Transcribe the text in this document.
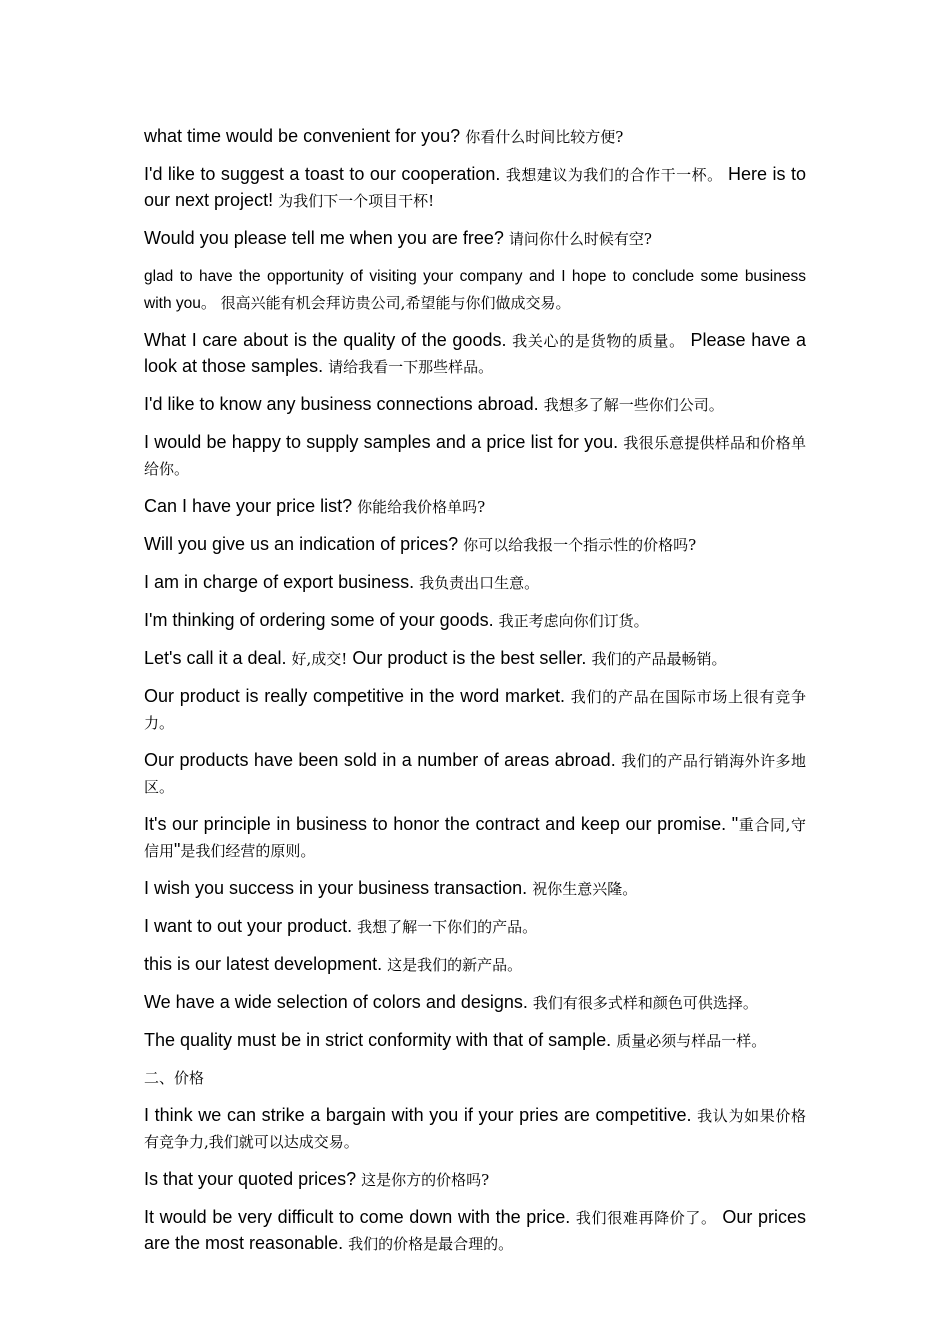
what time would be convenient for you? 你看什么时间比较方便?

I'd like to suggest a toast to our cooperation. 我想建议为我们的合作干一杯。 Here is to our next project! 为我们下一个项目干杯!

Would you please tell me when you are free? 请问你什么时候有空?

glad to have the opportunity of visiting your company and I hope to conclude some business with you。 很高兴能有机会拜访贵公司,希望能与你们做成交易。

What I care about is the quality of the goods. 我关心的是货物的质量。 Please have a look at those samples. 请给我看一下那些样品。

I'd like to know any business connections abroad. 我想多了解一些你们公司。

I would be happy to supply samples and a price list for you. 我很乐意提供样品和价格单给你。

Can I have your price list? 你能给我价格单吗?

Will you give us an indication of prices? 你可以给我报一个指示性的价格吗?

I am in charge of export business. 我负责出口生意。

I'm thinking of ordering some of your goods. 我正考虑向你们订货。

Let's call it a deal. 好,成交! Our product is the best seller. 我们的产品最畅销。

Our product is really competitive in the word market. 我们的产品在国际市场上很有竞争力。

Our products have been sold in a number of areas abroad. 我们的产品行销海外许多地区。

It's our principle in business to honor the contract and keep our promise. "重合同,守信用"是我们经营的原则。

I wish you success in your business transaction. 祝你生意兴隆。

I want to out your product. 我想了解一下你们的产品。

this is our latest development. 这是我们的新产品。

We have a wide selection of colors and designs. 我们有很多式样和颜色可供选择。

The quality must be in strict conformity with that of sample. 质量必须与样品一样。

二、价格

I think we can strike a bargain with you if your pries are competitive. 我认为如果价格有竞争力,我们就可以达成交易。

Is that your quoted prices? 这是你方的价格吗?

It would be very difficult to come down with the price. 我们很难再降价了。 Our prices are the most reasonable. 我们的价格是最合理的。
